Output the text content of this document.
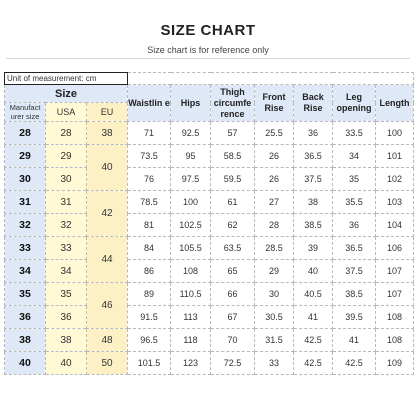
SIZE CHART
Size chart is for reference only
Unit of measurement: cm									
Size			Waistlin e	Hips	Thigh circumfe rence	Front Rise	Back Rise	Leg opening	Length
Manufact urer size	USA	EU							
28	28	38	71	92.5	57	25.5	36	33.5	100
29	29	40	73.5	95	58.5	26	36.5	34	101
30	30		76	97.5	59.5	26	37.5	35	102
31	31	42	78.5	100	61	27	38	35.5	103
32	32		81	102.5	62	28	38.5	36	104
33	33	44	84	105.5	63.5	28.5	39	36.5	106
34	34		86	108	65	29	40	37.5	107
35	35	46	89	110.5	66	30	40.5	38.5	107
36	36		91.5	113	67	30.5	41	39.5	108
38	38	48	96.5	118	70	31.5	42.5	41	108
40	40	50	101.5	123	72.5	33	42.5	42.5	109
